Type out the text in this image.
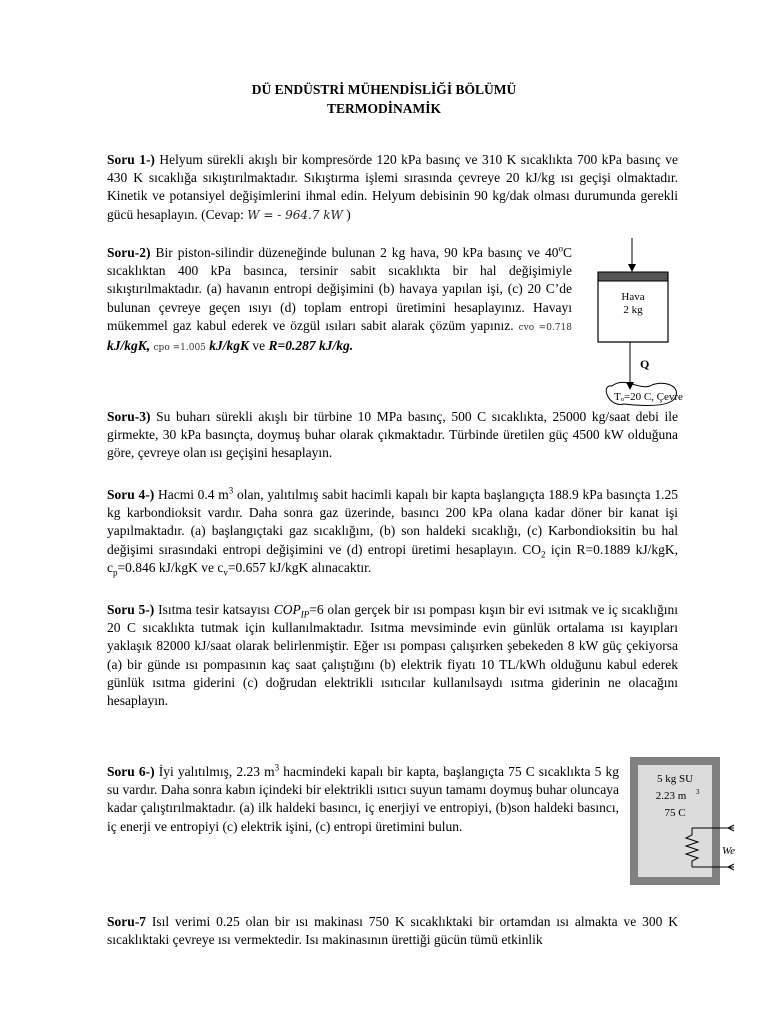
DÜ ENDÜSTRİ MÜHENDİSLİĞİ BÖLÜMÜ
TERMODİNAMİK

Soru 1-) Helyum sürekli akışlı bir kompresörde 120 kPa basınç ve 310 K sıcaklıkta 700 kPa basınç ve 430 K sıcaklığa sıkıştırılmaktadır. Sıkıştırma işlemi sırasında çevreye 20 kJ/kg ısı geçişi olmaktadır. Kinetik ve potansiyel değişimlerini ihmal edin. Helyum debisinin 90 kg/dak olması durumunda gerekli gücü hesaplayın. (Cevap: W = - 964.7 kW )

Soru-2) Bir piston-silindir düzeneğinde bulunan 2 kg hava, 90 kPa basınç ve 40$^o$C sıcaklıktan 400 kPa basınca, tersinir sabit sıcaklıkta bir hal değişimiyle sıkıştırılmaktadır. (a) havanın entropi değişimini (b) havaya yapılan işi, (c) 20 C’de bulunan çevreye geçen ısıyı (d) toplam entropi üretimini hesaplayınız. Havayı mükemmel gaz kabul ederek ve özgül ısıları sabit alarak çözüm yapınız. cvo =0.718 kJ/kgK, cpo =1.005 kJ/kgK ve R=0.287 kJ/kg.

Hava
2 kg
Q
Tₒ=20 C, Çevre

Soru-3) Su buharı sürekli akışlı bir türbine 10 MPa basınç, 500 C sıcaklıkta, 25000 kg/saat debi ile girmekte, 30 kPa basınçta, doymuş buhar olarak çıkmaktadır. Türbinde üretilen güç 4500 kW olduğuna göre, çevreye olan ısı geçişini hesaplayın.

Soru 4-) Hacmi 0.4 $m^3$ olan, yalıtılmış sabit hacimli kapalı bir kapta başlangıçta 188.9 kPa basınçta 1.25 kg karbondioksit vardır. Daha sonra gaz üzerinde, basıncı 200 kPa olana kadar döner bir kanat işi yapılmaktadır. (a) başlangıçtaki gaz sıcaklığını, (b) son haldeki sıcaklığı, (c) Karbondioksitin bu hal değişimi sırasındaki entropi değişimini ve (d) entropi üretimi hesaplayın. $CO_2$ için R=0.1889 kJ/kgK, $c_p=0.846$ kJ/kgK ve $c_v=0.657$ kJ/kgK alınacaktır.

Soru 5-) Isıtma tesir katsayısı $COP_{IP}=6$ olan gerçek bir ısı pompası kışın bir evi ısıtmak ve iç sıcaklığını 20 C sıcaklıkta tutmak için kullanılmaktadır. Isıtma mevsiminde evin günlük ortalama ısı kayıpları yaklaşık 82000 kJ/saat olarak belirlenmiştir. Eğer ısı pompası çalışırken şebekeden 8 kW güç çekiyorsa (a) bir günde ısı pompasının kaç saat çalıştığını (b) elektrik fiyatı 10 TL/kWh olduğunu kabul ederek günlük ısıtma giderini (c) doğrudan elektrikli ısıtıcılar kullanılsaydı ısıtma giderinin ne olacağını hesaplayın.

Soru 6-) İyi yalıtılmış, 2.23 $m^3$ hacmindeki kapalı bir kapta, başlangıçta 75 C sıcaklıkta 5 kg su vardır. Daha sonra kabın içindeki bir elektrikli ısıtıcı suyun tamamı doymuş buhar oluncaya kadar çalıştırılmaktadır. (a) ilk haldeki basıncı, iç enerjiyi ve entropiyi, (b)son haldeki basıncı, iç enerji ve entropiyi (c) elektrik işini, (c) entropi üretimini bulun.

5 kg SU
2.23 m 3
75 C
We

Soru-7 Isıl verimi 0.25 olan bir ısı makinası 750 K sıcaklıktaki bir ortamdan ısı almakta ve 300 K sıcaklıktaki çevreye ısı vermektedir. Isı makinasının ürettiği gücün tümü etkinlik
